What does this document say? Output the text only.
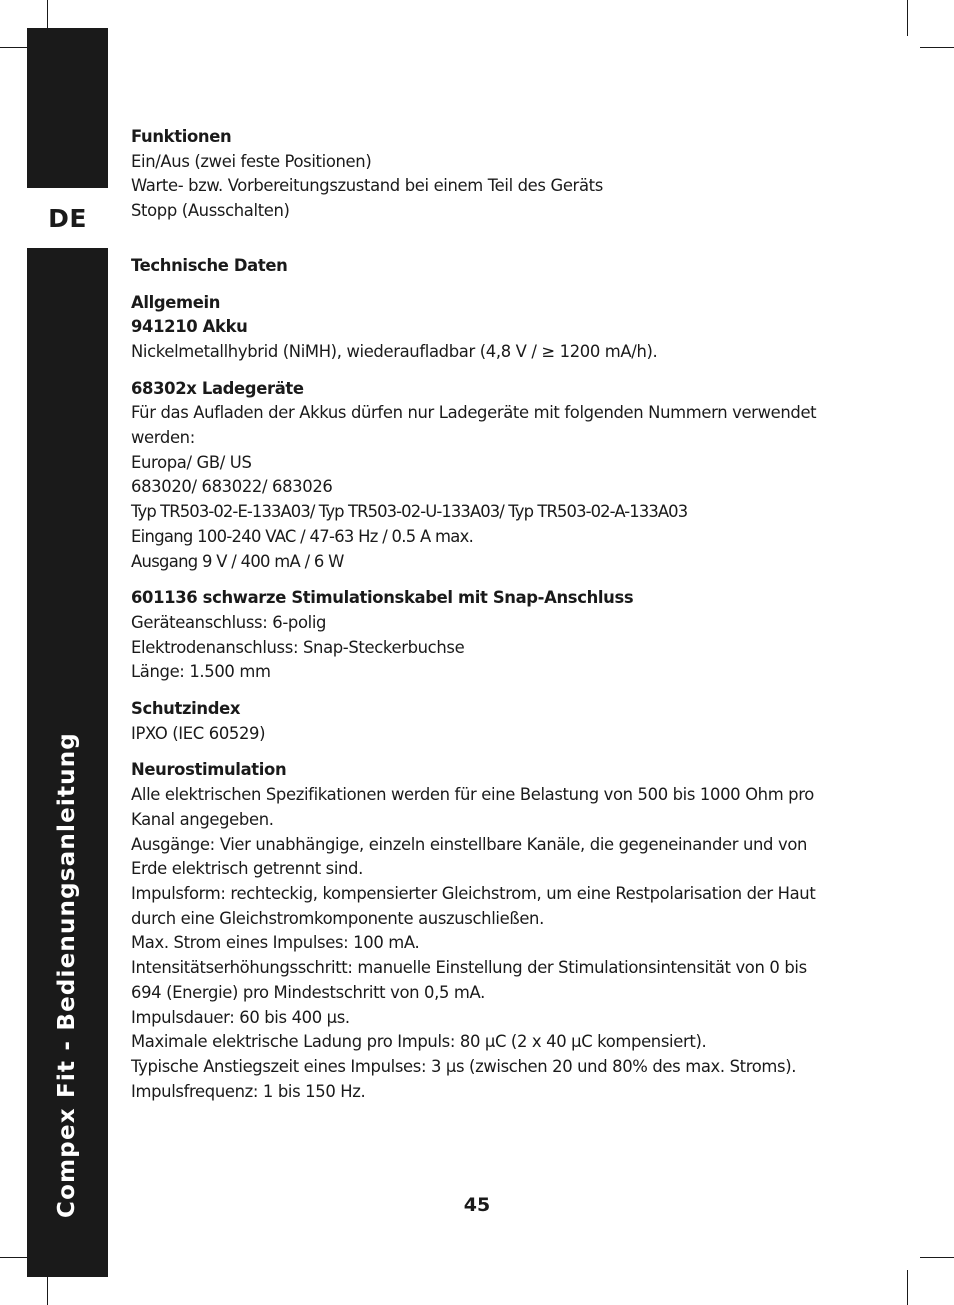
DE
Compex Fit - Bedienungsanleitung
Funktionen
Ein/Aus (zwei feste Positionen)
Warte- bzw. Vorbereitungszustand bei einem Teil des Geräts
Stopp (Ausschalten)
Technische Daten
Allgemein
941210 Akku
Nickelmetallhybrid (NiMH), wiederaufladbar (4,8 V / ≥ 1200 mA/h).
68302x Ladegeräte
Für das Aufladen der Akkus dürfen nur Ladegeräte mit folgenden Nummern verwendet
werden:
Europa/ GB/ US
683020/ 683022/ 683026
Typ TR503-02-E-133A03/ Typ TR503-02-U-133A03/ Typ TR503-02-A-133A03
Eingang 100-240 VAC / 47-63 Hz / 0.5 A max.
Ausgang 9 V / 400 mA / 6 W
601136 schwarze Stimulationskabel mit Snap-Anschluss
Geräteanschluss: 6-polig
Elektrodenanschluss: Snap-Steckerbuchse
Länge: 1.500 mm
Schutzindex
IPXO (IEC 60529)
Neurostimulation
Alle elektrischen Spezifikationen werden für eine Belastung von 500 bis 1000 Ohm pro
Kanal angegeben.
Ausgänge: Vier unabhängige, einzeln einstellbare Kanäle, die gegeneinander und von
Erde elektrisch getrennt sind.
Impulsform: rechteckig, kompensierter Gleichstrom, um eine Restpolarisation der Haut
durch eine Gleichstromkomponente auszuschließen.
Max. Strom eines Impulses: 100 mA.
Intensitätserhöhungsschritt: manuelle Einstellung der Stimulationsintensität von 0 bis
694 (Energie) pro Mindestschritt von 0,5 mA.
Impulsdauer: 60 bis 400 µs.
Maximale elektrische Ladung pro Impuls: 80 µC (2 x 40 µC kompensiert).
Typische Anstiegszeit eines Impulses: 3 µs (zwischen 20 und 80% des max. Stroms).
Impulsfrequenz: 1 bis 150 Hz.
45
